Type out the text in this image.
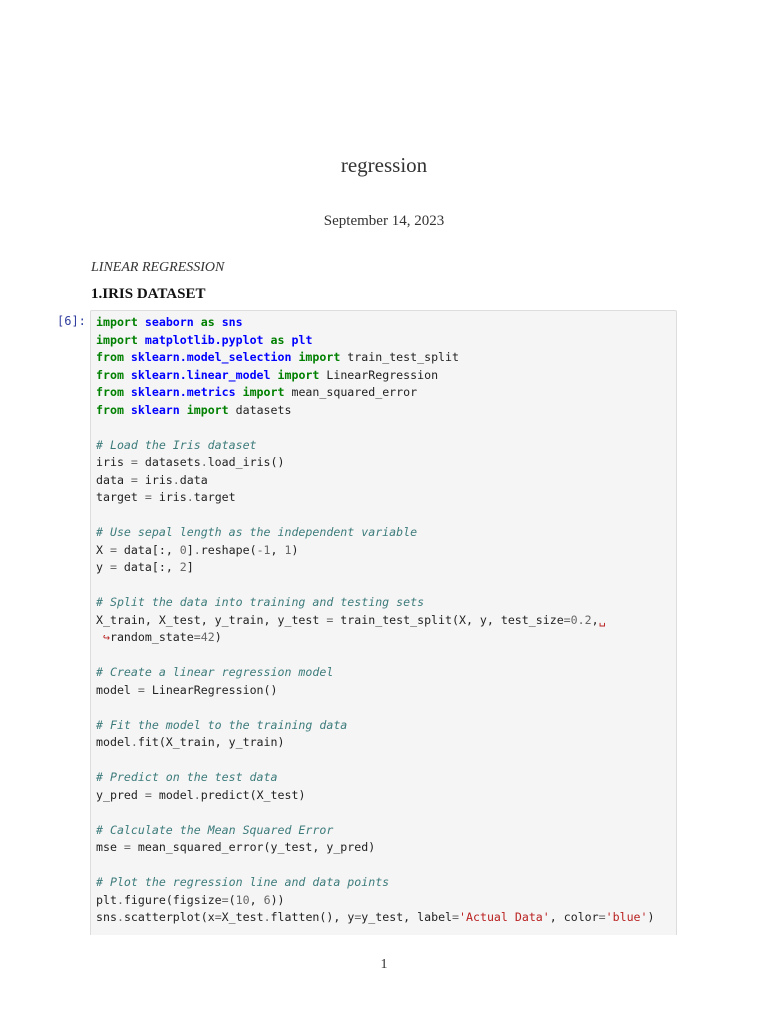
regression
September 14, 2023
LINEAR REGRESSION
1.IRIS DATASET
[6]: import seaborn as sns
import matplotlib.pyplot as plt
from sklearn.model_selection import train_test_split
from sklearn.linear_model import LinearRegression
from sklearn.metrics import mean_squared_error
from sklearn import datasets
# Load the Iris dataset
iris = datasets.load_iris()
data = iris.data
target = iris.target
# Use sepal length as the independent variable
X = data[:, 0].reshape(-1, 1)
y = data[:, 2]
# Split the data into training and testing sets
X_train, X_test, y_train, y_test = train_test_split(X, y, test_size=0.2,␣
↪random_state=42)
# Create a linear regression model
model = LinearRegression()
# Fit the model to the training data
model.fit(X_train, y_train)
# Predict on the test data
y_pred = model.predict(X_test)
# Calculate the Mean Squared Error
mse = mean_squared_error(y_test, y_pred)
# Plot the regression line and data points
plt.figure(figsize=(10, 6))
sns.scatterplot(x=X_test.flatten(), y=y_test, label='Actual Data', color='blue')
1
